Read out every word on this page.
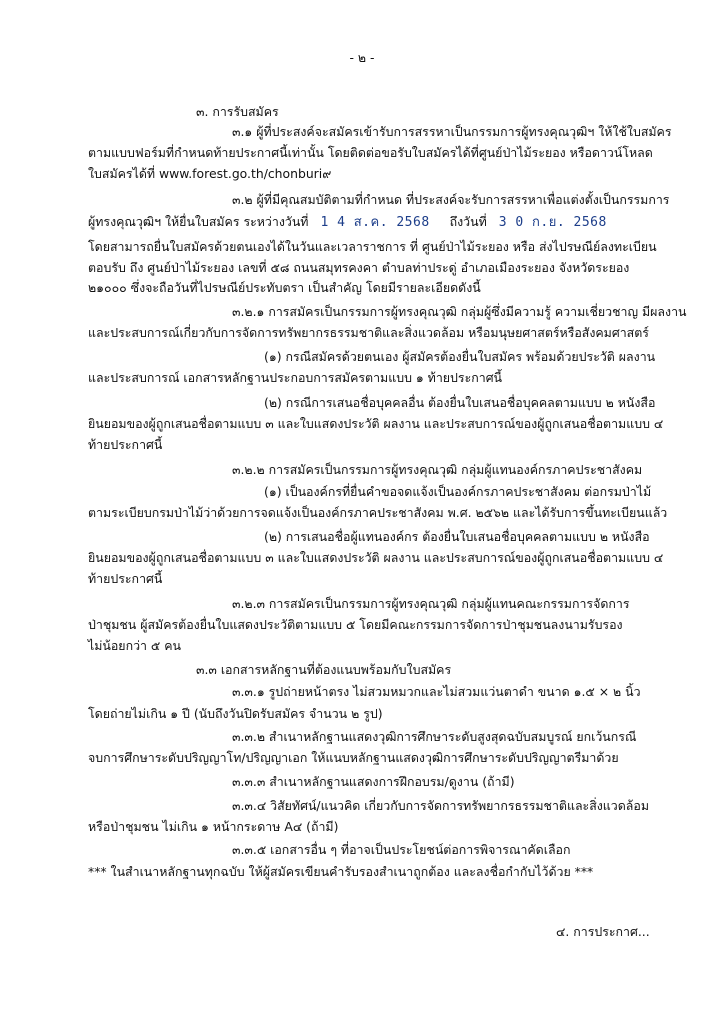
- ๒ -
๓. การรับสมัคร
๓.๑ ผู้ที่ประสงค์จะสมัครเข้ารับการสรรหาเป็นกรรมการผู้ทรงคุณวุฒิฯ ให้ใช้ใบสมัคร
ตามแบบฟอร์มที่กำหนดท้ายประกาศนี้เท่านั้น โดยติดต่อขอรับใบสมัครได้ที่ศูนย์ป่าไม้ระยอง หรือดาวน์โหลด
ใบสมัครได้ที่ www.forest.go.th/chonburi๙
๓.๒ ผู้ที่มีคุณสมบัติตามที่กำหนด ที่ประสงค์จะรับการสรรหาเพื่อแต่งตั้งเป็นกรรมการ
ผู้ทรงคุณวุฒิฯ ให้ยื่นใบสมัคร ระหว่างวันที่ 1 4 ส.ค. 2568 ถึงวันที่ 3 0 ก.ย. 2568
โดยสามารถยื่นใบสมัครด้วยตนเองได้ในวันและเวลาราชการ ที่ ศูนย์ป่าไม้ระยอง หรือ ส่งไปรษณีย์ลงทะเบียน
ตอบรับ ถึง ศูนย์ป่าไม้ระยอง เลขที่ ๕๘ ถนนสมุทรคงคา ตำบลท่าประดู่ อำเภอเมืองระยอง จังหวัดระยอง
๒๑๐๐๐ ซึ่งจะถือวันที่ไปรษณีย์ประทับตรา เป็นสำคัญ โดยมีรายละเอียดดังนี้
๓.๒.๑ การสมัครเป็นกรรมการผู้ทรงคุณวุฒิ กลุ่มผู้ซึ่งมีความรู้ ความเชี่ยวชาญ มีผลงาน
และประสบการณ์เกี่ยวกับการจัดการทรัพยากรธรรมชาติและสิ่งแวดล้อม หรือมนุษยศาสตร์หรือสังคมศาสตร์
(๑) กรณีสมัครด้วยตนเอง ผู้สมัครต้องยื่นใบสมัคร พร้อมด้วยประวัติ ผลงาน
และประสบการณ์ เอกสารหลักฐานประกอบการสมัครตามแบบ ๑ ท้ายประกาศนี้
(๒) กรณีการเสนอชื่อบุคคลอื่น ต้องยื่นใบเสนอชื่อบุคคลตามแบบ ๒ หนังสือ
ยินยอมของผู้ถูกเสนอชื่อตามแบบ ๓ และใบแสดงประวัติ ผลงาน และประสบการณ์ของผู้ถูกเสนอชื่อตามแบบ ๔
ท้ายประกาศนี้
๓.๒.๒ การสมัครเป็นกรรมการผู้ทรงคุณวุฒิ กลุ่มผู้แทนองค์กรภาคประชาสังคม
(๑) เป็นองค์กรที่ยื่นคำขอจดแจ้งเป็นองค์กรภาคประชาสังคม ต่อกรมป่าไม้
ตามระเบียบกรมป่าไม้ว่าด้วยการจดแจ้งเป็นองค์กรภาคประชาสังคม พ.ศ. ๒๕๖๒ และได้รับการขึ้นทะเบียนแล้ว
(๒) การเสนอชื่อผู้แทนองค์กร ต้องยื่นใบเสนอชื่อบุคคลตามแบบ ๒ หนังสือ
ยินยอมของผู้ถูกเสนอชื่อตามแบบ ๓ และใบแสดงประวัติ ผลงาน และประสบการณ์ของผู้ถูกเสนอชื่อตามแบบ ๔
ท้ายประกาศนี้
๓.๒.๓ การสมัครเป็นกรรมการผู้ทรงคุณวุฒิ กลุ่มผู้แทนคณะกรรมการจัดการ
ป่าชุมชน ผู้สมัครต้องยื่นใบแสดงประวัติตามแบบ ๕ โดยมีคณะกรรมการจัดการป่าชุมชนลงนามรับรอง
ไม่น้อยกว่า ๕ คน
๓.๓ เอกสารหลักฐานที่ต้องแนบพร้อมกับใบสมัคร
๓.๓.๑ รูปถ่ายหน้าตรง ไม่สวมหมวกและไม่สวมแว่นตาดำ ขนาด ๑.๕ × ๒ นิ้ว
โดยถ่ายไม่เกิน ๑ ปี (นับถึงวันปิดรับสมัคร จำนวน ๒ รูป)
๓.๓.๒ สำเนาหลักฐานแสดงวุฒิการศึกษาระดับสูงสุดฉบับสมบูรณ์ ยกเว้นกรณี
จบการศึกษาระดับปริญญาโท/ปริญญาเอก ให้แนบหลักฐานแสดงวุฒิการศึกษาระดับปริญญาตรีมาด้วย
๓.๓.๓ สำเนาหลักฐานแสดงการฝึกอบรม/ดูงาน (ถ้ามี)
๓.๓.๔ วิสัยทัศน์/แนวคิด เกี่ยวกับการจัดการทรัพยากรธรรมชาติและสิ่งแวดล้อม
หรือป่าชุมชน ไม่เกิน ๑ หน้ากระดาษ A๔ (ถ้ามี)
๓.๓.๕ เอกสารอื่น ๆ ที่อาจเป็นประโยชน์ต่อการพิจารณาคัดเลือก
*** ในสำเนาหลักฐานทุกฉบับ ให้ผู้สมัครเขียนคำรับรองสำเนาถูกต้อง และลงชื่อกำกับไว้ด้วย ***
๔. การประกาศ...
